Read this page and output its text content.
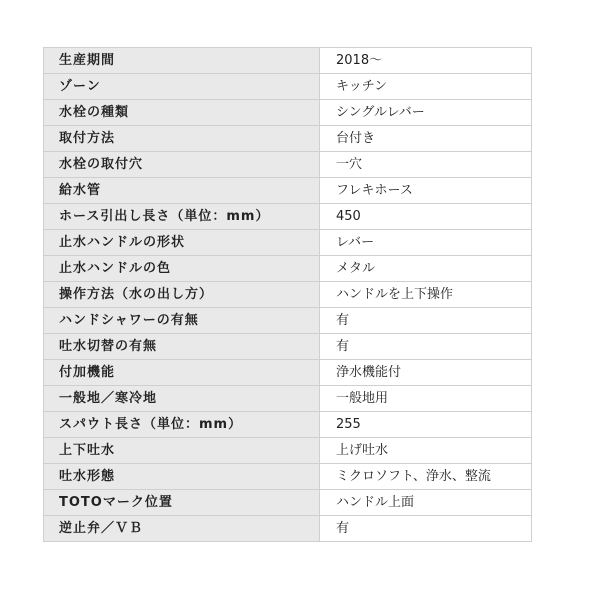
生産期間	2018～
ゾーン	キッチン
水栓の種類	シングルレバー
取付方法	台付き
水栓の取付穴	一穴
給水管	フレキホース
ホース引出し長さ（単位：mm）	450
止水ハンドルの形状	レバー
止水ハンドルの色	メタル
操作方法（水の出し方）	ハンドルを上下操作
ハンドシャワーの有無	有
吐水切替の有無	有
付加機能	浄水機能付
一般地／寒冷地	一般地用
スパウト長さ（単位：mm）	255
上下吐水	上げ吐水
吐水形態	ミクロソフト、浄水、整流
TOTOマーク位置	ハンドル上面
逆止弁／ＶＢ	有
